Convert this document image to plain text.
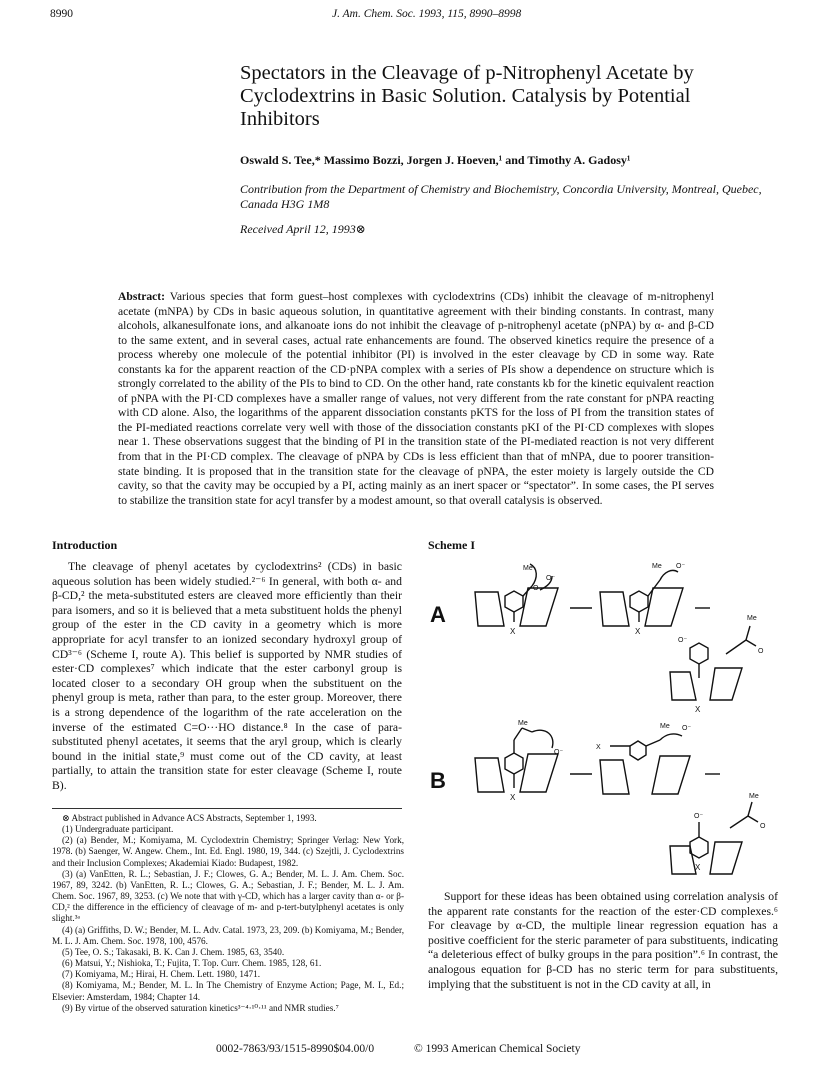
8990	J. Am. Chem. Soc. 1993, 115, 8990–8998
Spectators in the Cleavage of p-Nitrophenyl Acetate by Cyclodextrins in Basic Solution. Catalysis by Potential Inhibitors
Oswald S. Tee,* Massimo Bozzi, Jorgen J. Hoeven,¹ and Timothy A. Gadosy¹
Contribution from the Department of Chemistry and Biochemistry, Concordia University, Montreal, Quebec, Canada H3G 1M8
Received April 12, 1993⊗
Abstract: Various species that form guest–host complexes with cyclodextrins (CDs) inhibit the cleavage of m-nitrophenyl acetate (mNPA) by CDs in basic aqueous solution, in quantitative agreement with their binding constants. In contrast, many alcohols, alkanesulfonate ions, and alkanoate ions do not inhibit the cleavage of p-nitrophenyl acetate (pNPA) by α- and β-CD to the same extent, and in several cases, actual rate enhancements are found. The observed kinetics require the presence of a process whereby one molecule of the potential inhibitor (PI) is involved in the ester cleavage by CD in some way. Rate constants ka for the apparent reaction of the CD·pNPA complex with a series of PIs show a dependence on structure which is strongly correlated to the ability of the PIs to bind to CD. On the other hand, rate constants kb for the kinetic equivalent reaction of pNPA with the PI·CD complexes have a smaller range of values, not very different from the rate constant for pNPA reacting with CD alone. Also, the logarithms of the apparent dissociation constants pKTS for the loss of PI from the transition states of the PI-mediated reactions correlate very well with those of the dissociation constants pKI of the PI·CD complexes with slopes near 1. These observations suggest that the binding of PI in the transition state of the PI-mediated reaction is not very different from that in the PI·CD complex. The cleavage of pNPA by CDs is less efficient than that of mNPA, due to poorer transition-state binding. It is proposed that in the transition state for the cleavage of pNPA, the ester moiety is largely outside the CD cavity, so that the cavity may be occupied by a PI, acting mainly as an inert spacer or “spectator”. In some cases, the PI serves to stabilize the transition state for acyl transfer by a modest amount, so that overall catalysis is observed.
Introduction

The cleavage of phenyl acetates by cyclodextrins² (CDs) in basic aqueous solution has been widely studied.²⁻⁶ In general, with both α- and β-CD,² the meta-substituted esters are cleaved more efficiently than their para isomers, and so it is believed that a meta substituent holds the phenyl group of the ester in the CD cavity in a geometry which is more appropriate for acyl transfer to an ionized secondary hydroxyl group of CD³⁻⁶ (Scheme I, route A). This belief is supported by NMR studies of ester·CD complexes⁷ which indicate that the ester carbonyl group is located closer to a secondary OH group when the substituent on the phenyl group is meta, rather than para, to the ester group. Moreover, there is a strong dependence of the logarithm of the rate acceleration on the inverse of the estimated C=O···HO distance.⁸ In the case of para-substituted phenyl acetates, it seems that the aryl group, which is clearly bound in the initial state,⁹ must come out of the CD cavity, at least partially, to attain the transition state for ester cleavage (Scheme I, route B).

⊗ Abstract published in Advance ACS Abstracts, September 1, 1993.
(1) Undergraduate participant.
(2) (a) Bender, M.; Komiyama, M. Cyclodextrin Chemistry; Springer Verlag: New York, 1978. (b) Saenger, W. Angew. Chem., Int. Ed. Engl. 1980, 19, 344. (c) Szejtli, J. Cyclodextrins and their Inclusion Complexes; Akademiai Kiado: Budapest, 1982.
(3) (a) VanEtten, R. L.; Sebastian, J. F.; Clowes, G. A.; Bender, M. L. J. Am. Chem. Soc. 1967, 89, 3242. (b) VanEtten, R. L.; Clowes, G. A.; Sebastian, J. F.; Bender, M. L. J. Am. Chem. Soc. 1967, 89, 3253. (c) We note that with γ-CD, which has a larger cavity than α- or β-CD,² the difference in the efficiency of cleavage of m- and p-tert-butylphenyl acetates is only slight.³ᵃ
(4) (a) Griffiths, D. W.; Bender, M. L. Adv. Catal. 1973, 23, 209. (b) Komiyama, M.; Bender, M. L. J. Am. Chem. Soc. 1978, 100, 4576.
(5) Tee, O. S.; Takasaki, B. K. Can J. Chem. 1985, 63, 3540.
(6) Matsui, Y.; Nishioka, T.; Fujita, T. Top. Curr. Chem. 1985, 128, 61.
(7) Komiyama, M.; Hirai, H. Chem. Lett. 1980, 1471.
(8) Komiyama, M.; Bender, M. L. In The Chemistry of Enzyme Action; Page, M. I., Ed.; Elsevier: Amsterdam, 1984; Chapter 14.
(9) By virtue of the observed saturation kinetics³⁻⁴·¹⁰·¹¹ and NMR studies.⁷
Scheme I
A
X
Me
O⁻
O
X
Me O⁻
O⁻
Me
O
X
B
Me
O⁻
X
X
Me O⁻
O⁻
Me
O
X

Support for these ideas has been obtained using correlation analysis of the apparent rate constants for the reaction of the ester·CD complexes.⁶ For cleavage by α-CD, the multiple linear regression equation has a positive coefficient for the steric parameter of para substituents, indicating “a deleterious effect of bulky groups in the para position”.⁶ In contrast, the analogous equation for β-CD has no steric term for para substituents, implying that the substituent is not in the CD cavity at all, in

0002-7863/93/1515-8990$04.00/0	© 1993 American Chemical Society
